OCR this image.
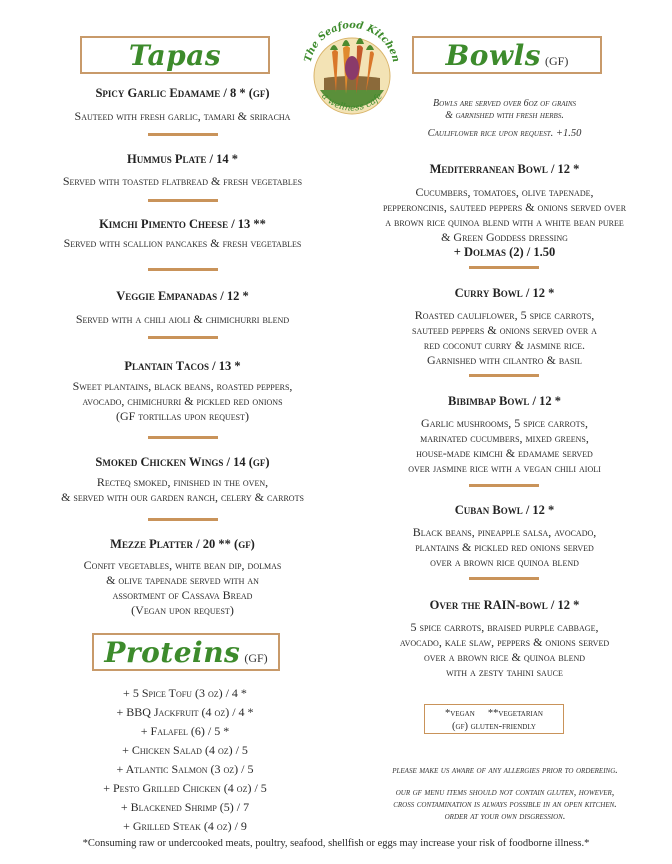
Tapas	The Seafood Kitchen
a wellness cafe
Bowls (GF)
Spicy Garlic Edamame / 8 * (gf)
Sauteed with fresh garlic, tamari & sriracha
Hummus Plate / 14 *
Served with toasted flatbread & fresh vegetables
Kimchi Pimento Cheese / 13 **
Served with scallion pancakes & fresh vegetables
Veggie Empanadas / 12 *
Served with a chili aioli & chimichurri blend
Plantain Tacos / 13 *
Sweet plantains, black beans, roasted peppers,
avocado, chimichurri & pickled red onions
(GF tortillas upon request)
Smoked Chicken Wings / 14 (gf)
Recteq smoked, finished in the oven,
& served with our garden ranch, celery & carrots
Mezze Platter / 20 ** (gf)
Confit vegetables, white bean dip, dolmas
& olive tapenade served with an
assortment of Cassava Bread
(Vegan upon request)
Proteins (GF)
+ 5 Spice Tofu (3 oz) / 4 *
+ BBQ Jackfruit (4 oz) / 4 *
+ Falafel (6) / 5 *
+ Chicken Salad (4 oz) / 5
+ Atlantic Salmon (3 oz) / 5
+ Pesto Grilled Chicken (4 oz) / 5
+ Blackened Shrimp (5) / 7
+ Grilled Steak (4 oz) / 9
Bowls are served over 6oz of grains
& garnished with fresh herbs.
Cauliflower rice upon request. +1.50
Mediterranean Bowl / 12 *
Cucumbers, tomatoes, olive tapenade,
pepperoncinis, sauteed peppers & onions served over
a brown rice quinoa blend with a white bean puree
& Green Goddess dressing
+ Dolmas (2) / 1.50
Curry Bowl / 12 *
Roasted cauliflower, 5 spice carrots,
sauteed peppers & onions served over a
red coconut curry & jasmine rice.
Garnished with cilantro & basil
Bibimbap Bowl / 12 *
Garlic mushrooms, 5 spice carrots,
marinated cucumbers, mixed greens,
house-made kimchi & edamame served
over jasmine rice with a vegan chili aioli
Cuban Bowl / 12 *
Black beans, pineapple salsa, avocado,
plantains & pickled red onions served
over a brown rice quinoa blend
Over the RAIN-bowl / 12 *
5 spice carrots, braised purple cabbage,
avocado, kale slaw, peppers & onions served
over a brown rice & quinoa blend
with a zesty tahini sauce
*vegan **vegetarian
(gf) gluten-friendly
please make us aware of any allergies prior to ordereing.
our gf menu items should not contain gluten, however,
cross contamination is always possible in an open kitchen.
order at your own disgression.
*Consuming raw or undercooked meats, poultry, seafood, shellfish or eggs may increase your risk of foodborne illness.*
